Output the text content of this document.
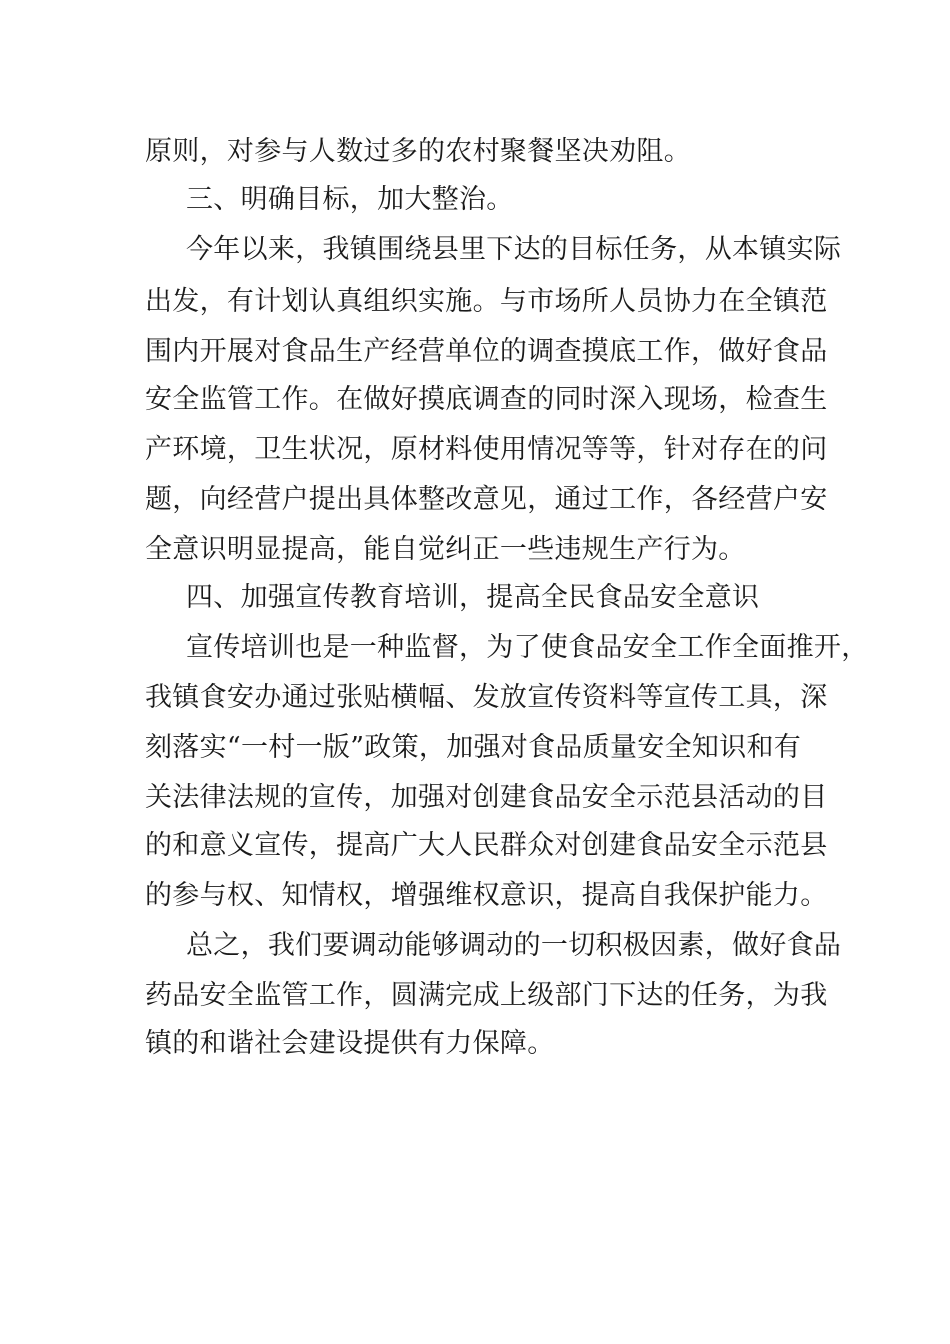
原则，对参与人数过多的农村聚餐坚决劝阻。
三、明确目标，加大整治。
今年以来，我镇围绕县里下达的目标任务，从本镇实际
出发，有计划认真组织实施。与市场所人员协力在全镇范
围内开展对食品生产经营单位的调查摸底工作，做好食品
安全监管工作。在做好摸底调查的同时深入现场，检查生
产环境，卫生状况，原材料使用情况等等，针对存在的问
题，向经营户提出具体整改意见，通过工作，各经营户安
全意识明显提高，能自觉纠正一些违规生产行为。
四、加强宣传教育培训，提高全民食品安全意识
宣传培训也是一种监督，为了使食品安全工作全面推开，
我镇食安办通过张贴横幅、发放宣传资料等宣传工具，深
刻落实“一村一版”政策，加强对食品质量安全知识和有
关法律法规的宣传，加强对创建食品安全示范县活动的目
的和意义宣传，提高广大人民群众对创建食品安全示范县
的参与权、知情权，增强维权意识，提高自我保护能力。
总之，我们要调动能够调动的一切积极因素，做好食品
药品安全监管工作，圆满完成上级部门下达的任务，为我
镇的和谐社会建设提供有力保障。
